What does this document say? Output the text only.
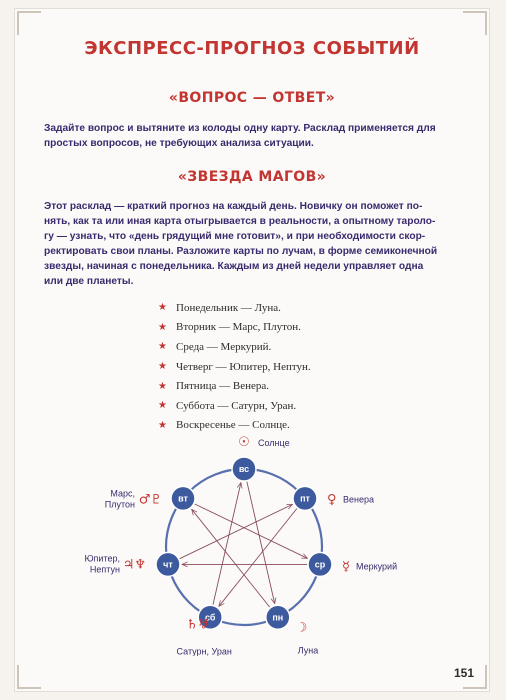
ЭКСПРЕСС-ПРОГНОЗ СОБЫТИЙ
«ВОПРОС — ОТВЕТ»

Задайте вопрос и вытяните из колоды одну карту. Расклад применяется для
простых вопросов, не требующих анализа ситуации.

«ЗВЕЗДА МАГОВ»

Этот расклад — краткий прогноз на каждый день. Новичку он поможет по-
нять, как та или иная карта отыгрывается в реальности, а опытному тароло-
гу — узнать, что «день грядущий мне готовит», и при необходимости скор-
ректировать свои планы. Разложите карты по лучам, в форме семиконечной
звезды, начиная с понедельника. Каждым из дней недели управляет одна
или две планеты.

★ Понедельник — Луна.
★ Вторник — Марс, Плутон.
★ Среда — Меркурий.
★ Четверг — Юпитер, Нептун.
★ Пятница — Венера.
★ Суббота — Сатурн, Уран.
★ Воскресенье — Солнце.
вс
☉ Солнце
пт ♀ Венера
ср ☿ Меркурий
пн
☽
Луна
сб
♄♅
Сатурн, Уран
чт
♃♆
Юпитер,
Нептун
вт
♂♇
Марс,
Плутон
151
